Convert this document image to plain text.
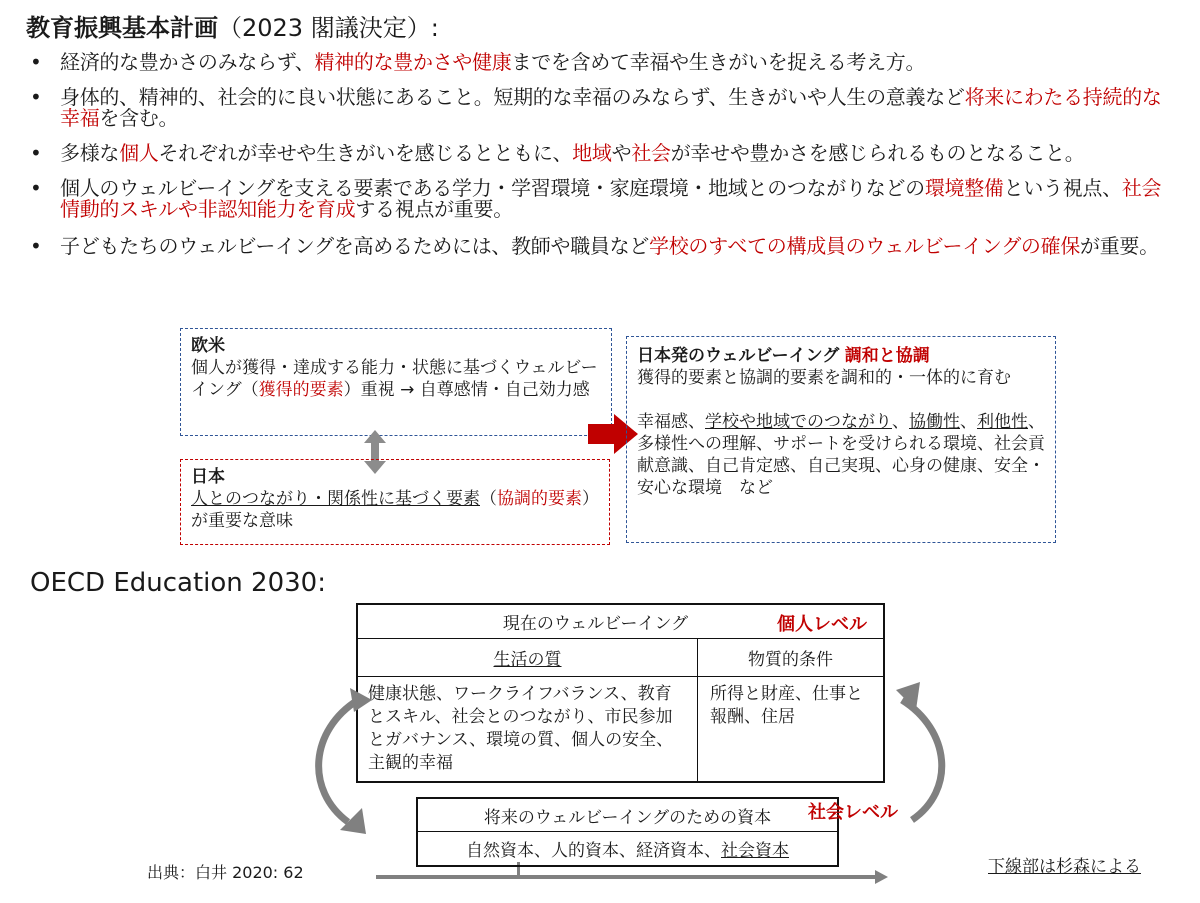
教育振興基本計画（2023 閣議決定）:
• 経済的な豊かさのみならず、精神的な豊かさや健康までを含めて幸福や生きがいを捉える考え方。
• 身体的、精神的、社会的に良い状態にあること。短期的な幸福のみならず、生きがいや人生の意義など将来にわたる持続的な幸福を含む。
• 多様な個人それぞれが幸せや生きがいを感じるとともに、地域や社会が幸せや豊かさを感じられるものとなること。
• 個人のウェルビーイングを支える要素である学力・学習環境・家庭環境・地域とのつながりなどの環境整備という視点、社会情動的スキルや非認知能力を育成する視点が重要。
• 子どもたちのウェルビーイングを高めるためには、教師や職員など学校のすべての構成員のウェルビーイングの確保が重要。
欧米
個人が獲得・達成する能力・状態に基づくウェルビーイング（獲得的要素）重視 → 自尊感情・自己効力感
日本
人とのつながり・関係性に基づく要素（協調的要素）が重要な意味
日本発のウェルビーイング 調和と協調
獲得的要素と協調的要素を調和的・一体的に育む
幸福感、学校や地域でのつながり、協働性、利他性、多様性への理解、サポートを受けられる環境、社会貢献意識、自己肯定感、自己実現、心身の健康、安全・安心な環境　など
OECD Education 2030:
現在のウェルビーイング
生活の質	物質的条件
健康状態、ワークライフバランス、教育とスキル、社会とのつながり、市民参加とガバナンス、環境の質、個人の安全、主観的幸福
所得と財産、仕事と報酬、住居
個人レベル
将来のウェルビーイングのための資本
自然資本、人的資本、経済資本、 社会資本
社会レベル
出典：白井 2020: 62	下線部は杉森による
